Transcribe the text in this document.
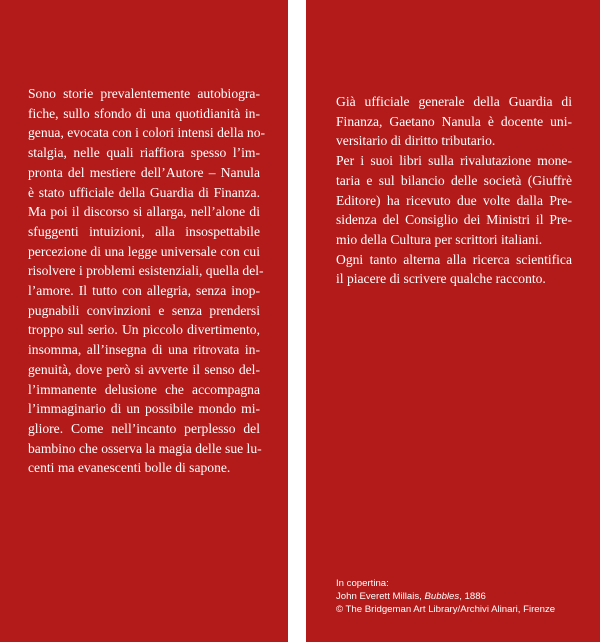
Sono storie prevalentemente autobiogra-
fiche, sullo sfondo di una quotidianità in-
genua, evocata con i colori intensi della no-
stalgia, nelle quali riaffiora spesso l’im-
pronta del mestiere dell’Autore – Nanula
è stato ufficiale della Guardia di Finanza.
Ma poi il discorso si allarga, nell’alone di
sfuggenti intuizioni, alla insospettabile
percezione di una legge universale con cui
risolvere i problemi esistenziali, quella del-
l’amore. Il tutto con allegria, senza inop-
pugnabili convinzioni e senza prendersi
troppo sul serio. Un piccolo divertimento,
insomma, all’insegna di una ritrovata in-
genuità, dove però si avverte il senso del-
l’immanente delusione che accompagna
l’immaginario di un possibile mondo mi-
gliore. Come nell’incanto perplesso del
bambino che osserva la magia delle sue lu-
centi ma evanescenti bolle di sapone.
Già ufficiale generale della Guardia di
Finanza, Gaetano Nanula è docente uni-
versitario di diritto tributario.
Per i suoi libri sulla rivalutazione mone-
taria e sul bilancio delle società (Giuffrè
Editore) ha ricevuto due volte dalla Pre-
sidenza del Consiglio dei Ministri il Pre-
mio della Cultura per scrittori italiani.
Ogni tanto alterna alla ricerca scientifica
il piacere di scrivere qualche racconto.
In copertina:
John Everett Millais, Bubbles, 1886
© The Bridgeman Art Library/Archivi Alinari, Firenze
